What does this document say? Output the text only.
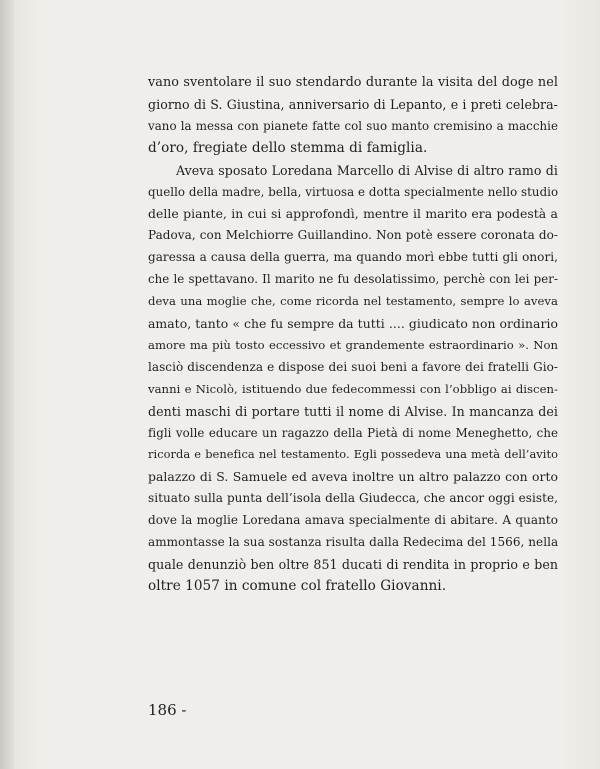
vano sventolare il suo stendardo durante la visita del doge nel
giorno di S. Giustina, anniversario di Lepanto, e i preti celebra-
vano la messa con pianete fatte col suo manto cremisino a macchie
d’oro, fregiate dello stemma di famiglia.
Aveva sposato Loredana Marcello di Alvise di altro ramo di
quello della madre, bella, virtuosa e dotta specialmente nello studio
delle piante, in cui si approfondì, mentre il marito era podestà a
Padova, con Melchiorre Guillandino. Non potè essere coronata do-
garessa a causa della guerra, ma quando morì ebbe tutti gli onori,
che le spettavano. Il marito ne fu desolatissimo, perchè con lei per-
deva una moglie che, come ricorda nel testamento, sempre lo aveva
amato, tanto « che fu sempre da tutti .... giudicato non ordinario
amore ma più tosto eccessivo et grandemente estraordinario ». Non
lasciò discendenza e dispose dei suoi beni a favore dei fratelli Gio-
vanni e Nicolò, istituendo due fedecommessi con l’obbligo ai discen-
denti maschi di portare tutti il nome di Alvise. In mancanza dei
figli volle educare un ragazzo della Pietà di nome Meneghetto, che
ricorda e benefica nel testamento. Egli possedeva una metà dell’avito
palazzo di S. Samuele ed aveva inoltre un altro palazzo con orto
situato sulla punta dell’isola della Giudecca, che ancor oggi esiste,
dove la moglie Loredana amava specialmente di abitare. A quanto
ammontasse la sua sostanza risulta dalla Redecima del 1566, nella
quale denunziò ben oltre 851 ducati di rendita in proprio e ben
oltre 1057 in comune col fratello Giovanni.
186 -
